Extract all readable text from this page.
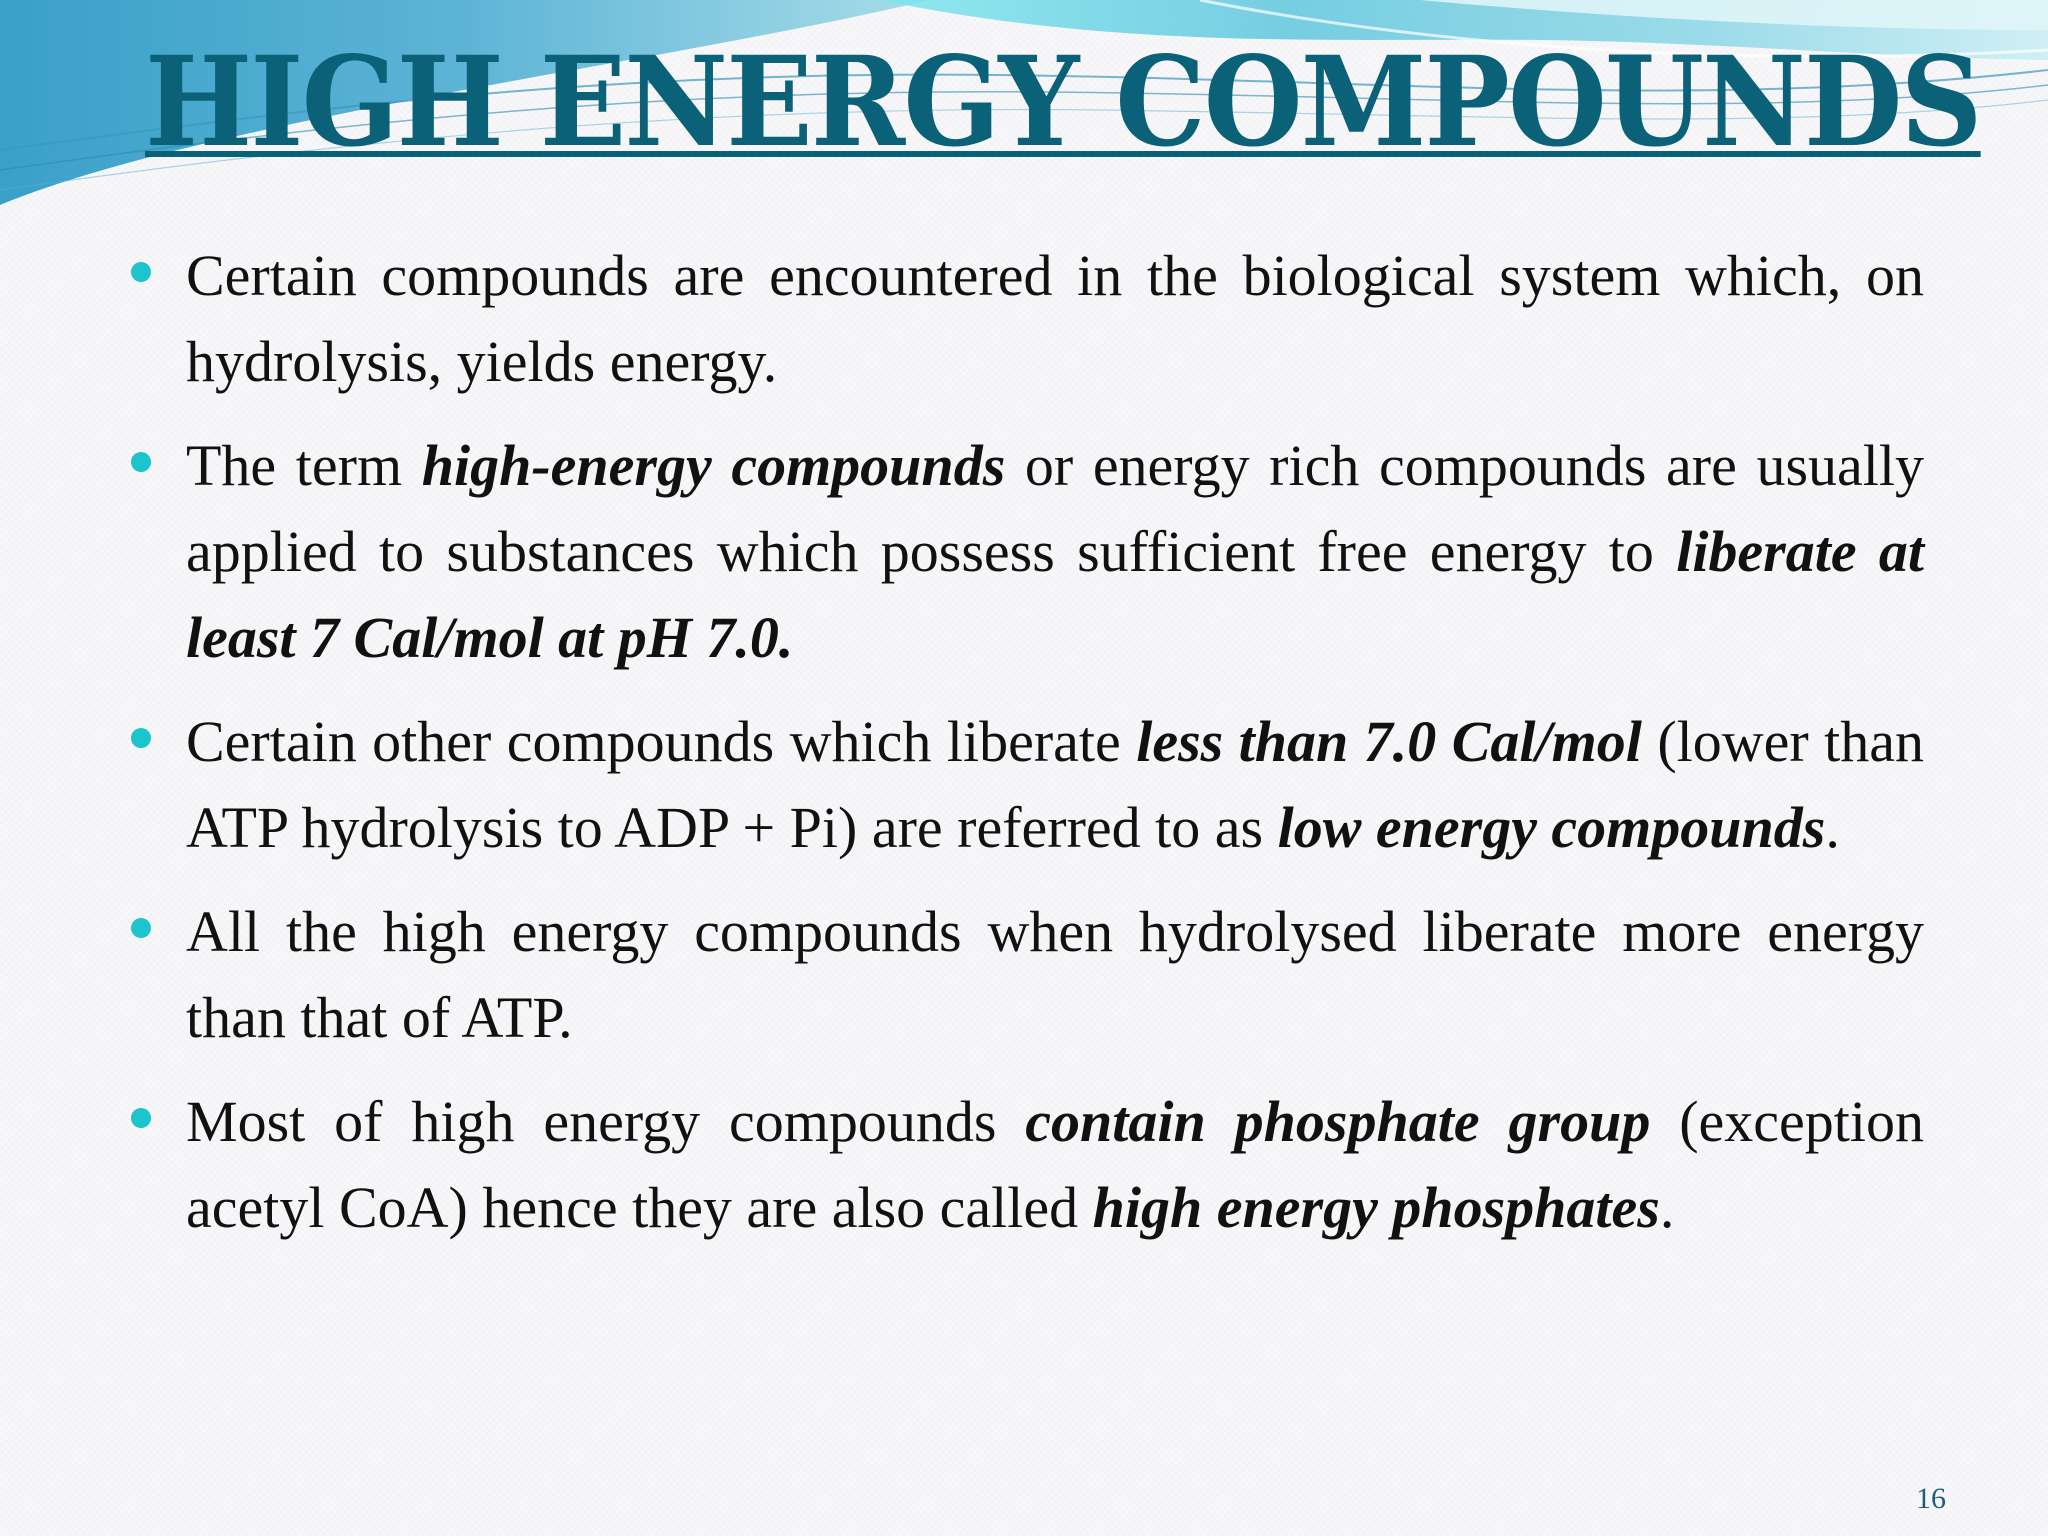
HIGH ENERGY COMPOUNDS
Certain compounds are encountered in the biological system which, on hydrolysis, yields energy.
The term high-energy compounds or energy rich compounds are usually applied to substances which possess sufficient free energy to liberate at least 7 Cal/mol at pH 7.0.
Certain other compounds which liberate less than 7.0 Cal/mol (lower than ATP hydrolysis to ADP + Pi) are referred to as low energy compounds.
All the high energy compounds when hydrolysed liberate more energy than that of ATP.
Most of high energy compounds contain phosphate group (exception acetyl CoA) hence they are also called high energy phosphates.
16
